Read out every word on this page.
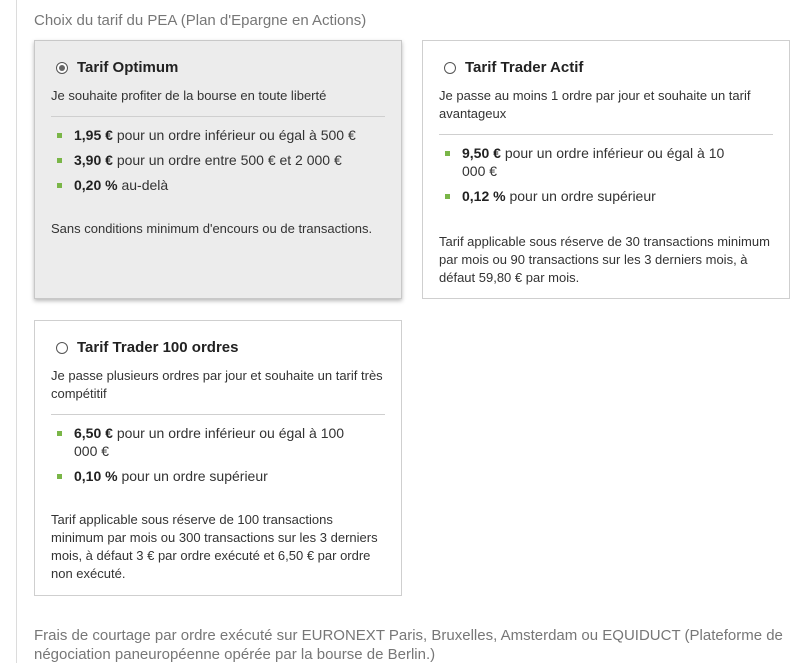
Choix du tarif du PEA (Plan d'Epargne en Actions)
Tarif Optimum
Je souhaite profiter de la bourse en toute liberté
1,95 € pour un ordre inférieur ou égal à 500 €
3,90 € pour un ordre entre 500 € et 2 000 €
0,20 % au-delà
Sans conditions minimum d'encours ou de transactions.
Tarif Trader Actif
Je passe au moins 1 ordre par jour et souhaite un tarif avantageux
9,50 € pour un ordre inférieur ou égal à 10 000 €
0,12 % pour un ordre supérieur
Tarif applicable sous réserve de 30 transactions minimum par mois ou 90 transactions sur les 3 derniers mois, à défaut 59,80 € par mois.
Tarif Trader 100 ordres
Je passe plusieurs ordres par jour et souhaite un tarif très compétitif
6,50 € pour un ordre inférieur ou égal à 100 000 €
0,10 % pour un ordre supérieur
Tarif applicable sous réserve de 100 transactions minimum par mois ou 300 transactions sur les 3 derniers mois, à défaut 3 € par ordre exécuté et 6,50 € par ordre non exécuté.
Frais de courtage par ordre exécuté sur EURONEXT Paris, Bruxelles, Amsterdam ou EQUIDUCT (Plateforme de négociation paneuropéenne opérée par la bourse de Berlin.)
